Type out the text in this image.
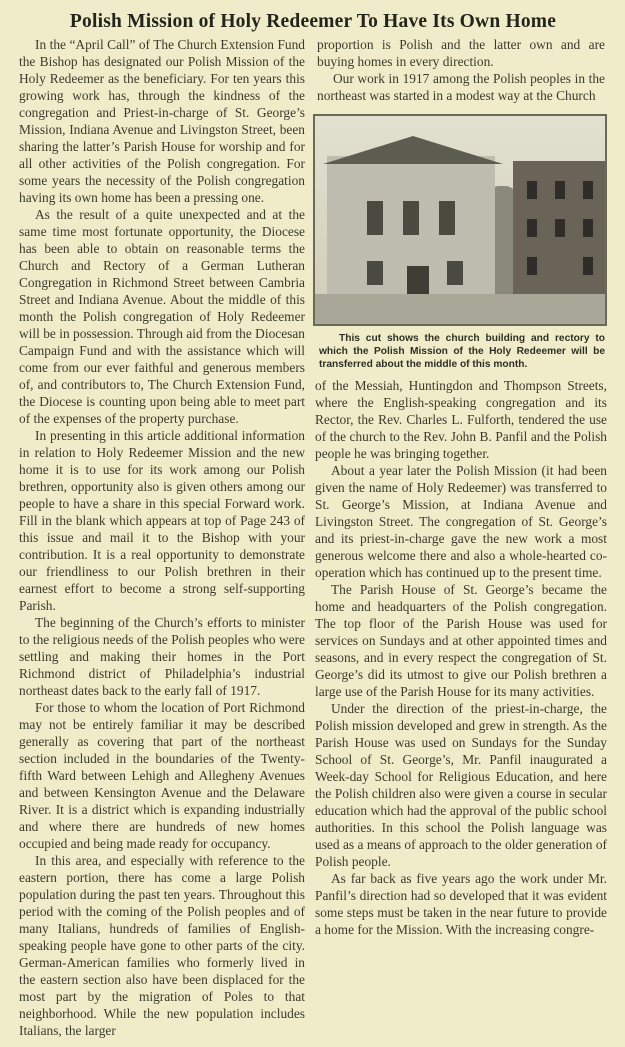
Polish Mission of Holy Redeemer To Have Its Own Home

In the “April Call” of The Church Extension Fund the Bishop has designated our Polish Mission of the Holy Redeemer as the beneficiary. For ten years this growing work has, through the kindness of the congregation and Priest-in-charge of St. George’s Mission, Indiana Avenue and Livingston Street, been sharing the latter’s Parish House for worship and for all other activities of the Polish congregation. For some years the necessity of the Polish congregation having its own home has been a pressing one.

As the result of a quite unexpected and at the same time most fortunate opportunity, the Diocese has been able to obtain on reasonable terms the Church and Rectory of a German Lutheran Congregation in Richmond Street between Cambria Street and Indiana Avenue. About the middle of this month the Polish congregation of Holy Redeemer will be in possession. Through aid from the Diocesan Campaign Fund and with the assistance which will come from our ever faithful and generous members of, and contributors to, The Church Extension Fund, the Diocese is counting upon being able to meet part of the expenses of the property purchase.

In presenting in this article additional information in relation to Holy Redeemer Mission and the new home it is to use for its work among our Polish brethren, opportunity also is given others among our people to have a share in this special Forward work. Fill in the blank which appears at top of Page 243 of this issue and mail it to the Bishop with your contribution. It is a real opportunity to demonstrate our friendliness to our Polish brethren in their earnest effort to become a strong self-supporting Parish.

The beginning of the Church’s efforts to minister to the religious needs of the Polish peoples who were settling and making their homes in the Port Richmond district of Philadelphia’s industrial northeast dates back to the early fall of 1917.

For those to whom the location of Port Richmond may not be entirely familiar it may be described generally as covering that part of the northeast section included in the boundaries of the Twenty-fifth Ward between Lehigh and Allegheny Avenues and between Kensington Avenue and the Delaware River. It is a district which is expanding industrially and where there are hundreds of new homes occupied and being made ready for occupancy.

In this area, and especially with reference to the eastern portion, there has come a large Polish population during the past ten years. Throughout this period with the coming of the Polish peoples and of many Italians, hundreds of families of English-speaking people have gone to other parts of the city. German-American families who formerly lived in the eastern section also have been displaced for the most part by the migration of Poles to that neighborhood. While the new population includes Italians, the larger

proportion is Polish and the latter own and are buying homes in every direction.

Our work in 1917 among the Polish peoples in the northeast was started in a modest way at the Church

This cut shows the church building and rectory to which the Polish Mission of the Holy Redeemer will be transferred about the middle of this month.

of the Messiah, Huntingdon and Thompson Streets, where the English-speaking congregation and its Rector, the Rev. Charles L. Fulforth, tendered the use of the church to the Rev. John B. Panfil and the Polish people he was bringing together.

About a year later the Polish Mission (it had been given the name of Holy Redeemer) was transferred to St. George’s Mission, at Indiana Avenue and Livingston Street. The congregation of St. George’s and its priest-in-charge gave the new work a most generous welcome there and also a whole-hearted co-operation which has continued up to the present time.

The Parish House of St. George’s became the home and headquarters of the Polish congregation. The top floor of the Parish House was used for services on Sundays and at other appointed times and seasons, and in every respect the congregation of St. George’s did its utmost to give our Polish brethren a large use of the Parish House for its many activities.

Under the direction of the priest-in-charge, the Polish mission developed and grew in strength. As the Parish House was used on Sundays for the Sunday School of St. George’s, Mr. Panfil inaugurated a Week-day School for Religious Education, and here the Polish children also were given a course in secular education which had the approval of the public school authorities. In this school the Polish language was used as a means of approach to the older generation of Polish people.

As far back as five years ago the work under Mr. Panfil’s direction had so developed that it was evident some steps must be taken in the near future to provide a home for the Mission. With the increasing congre-
